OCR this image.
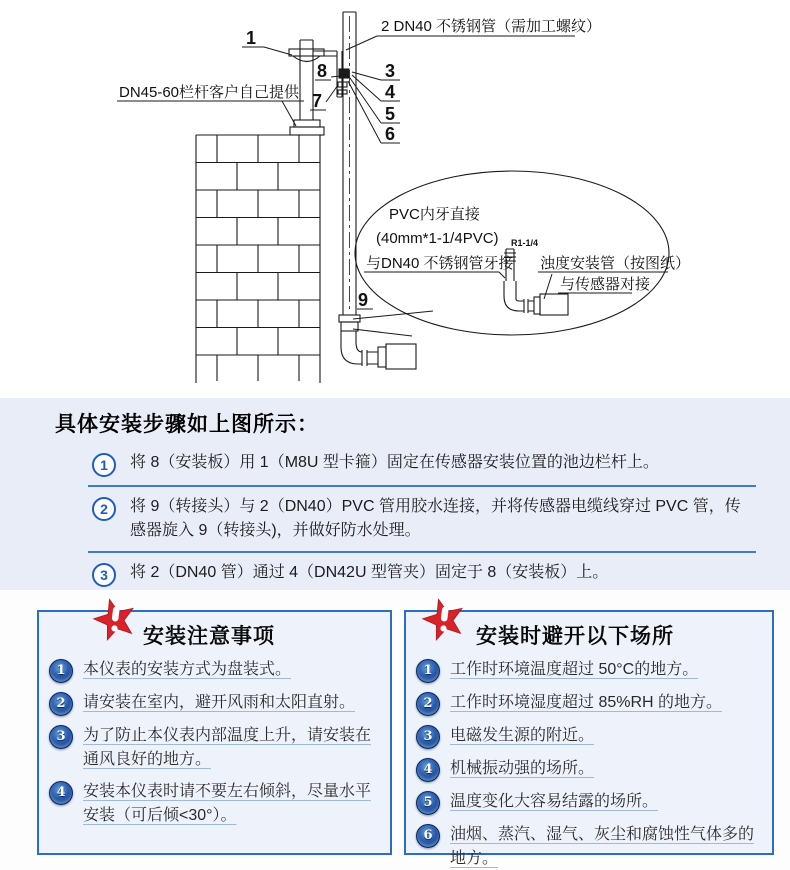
1
2 DN40 不锈钢管（需加工螺纹）
3
4
5
6
8
7
9
DN45-60栏杆客户自己提供
PVC内牙直接
(40mm*1-1/4PVC)
与DN40 不锈钢管牙接
R1-1/4
浊度安装管（按图纸）
与传感器对接
具体安装步骤如上图所示：
1	将 8（安装板）用 1（M8U 型卡箍）固定在传感器安装位置的池边栏杆上。
2	将 9（转接头）与 2（DN40）PVC 管用胶水连接，并将传感器电缆线穿过 PVC 管，传感器旋入 9（转接头)，并做好防水处理。
3	将 2（DN40 管）通过 4（DN42U 型管夹）固定于 8（安装板）上。
安装注意事项
1	本仪表的安装方式为盘装式。
2	请安装在室内，避开风雨和太阳直射。
3	为了防止本仪表内部温度上升，请安装在通风良好的地方。
4	安装本仪表时请不要左右倾斜，尽量水平安装（可后倾<30°）。
安装时避开以下场所
1	工作时环境温度超过 50°C的地方。
2	工作时环境湿度超过 85%RH 的地方。
3	电磁发生源的附近。
4	机械振动强的场所。
5	温度变化大容易结露的场所。
6	油烟、蒸汽、湿气、灰尘和腐蚀性气体多的地方。
